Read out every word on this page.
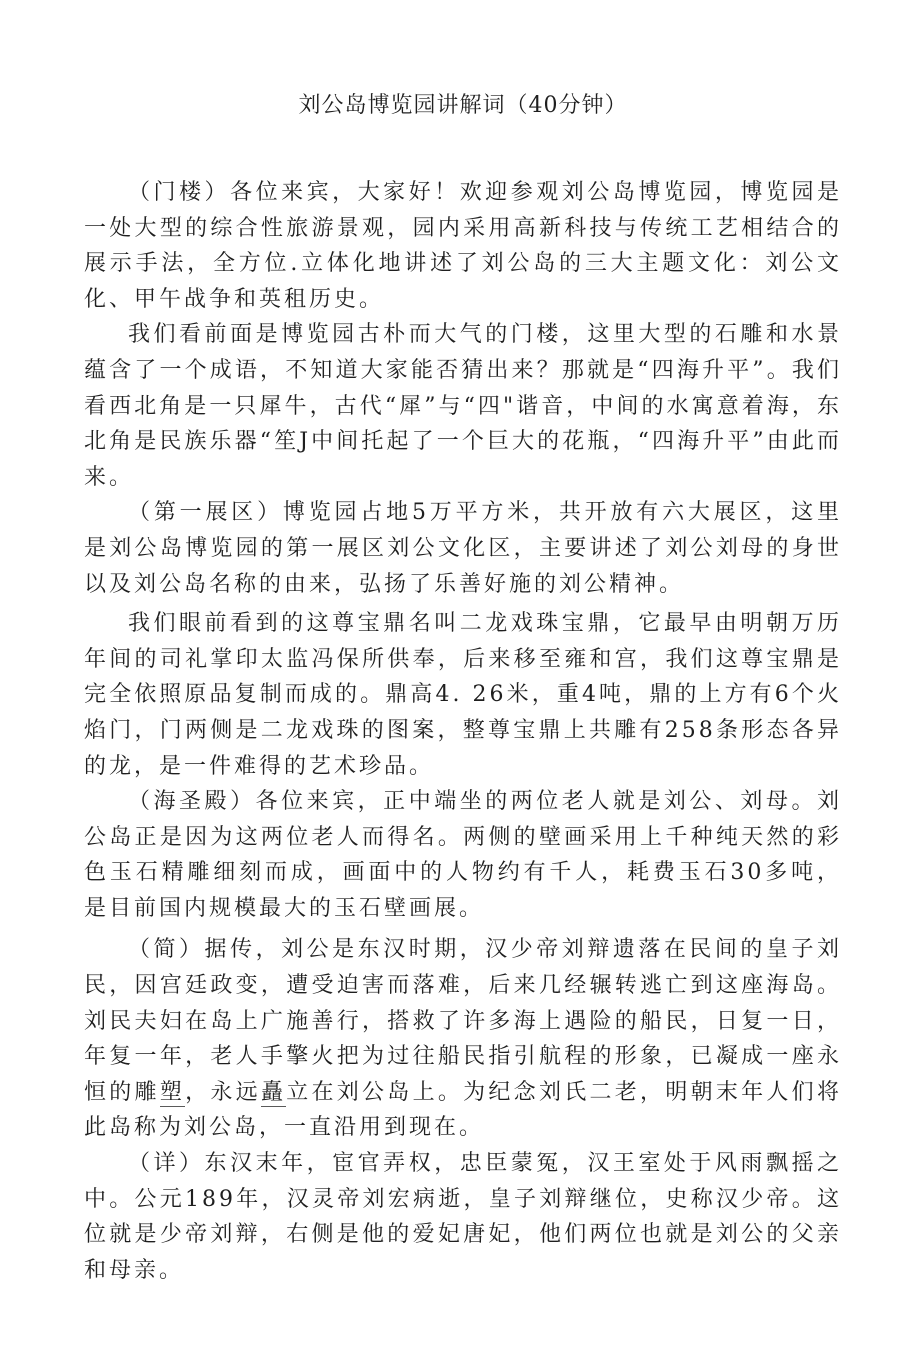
刘公岛博览园讲解词（40分钟）

（门楼）各位来宾，大家好！欢迎参观刘公岛博览园，博览园是一处大型的综合性旅游景观，园内采用高新科技与传统工艺相结合的展示手法，全方位.立体化地讲述了刘公岛的三大主题文化：刘公文化、甲午战争和英租历史。

我们看前面是博览园古朴而大气的门楼，这里大型的石雕和水景蕴含了一个成语，不知道大家能否猜出来？那就是“四海升平”。我们看西北角是一只犀牛，古代“犀”与“四"谐音，中间的水寓意着海，东北角是民族乐器“笙J中间托起了一个巨大的花瓶，“四海升平”由此而来。

（第一展区）博览园占地5万平方米，共开放有六大展区，这里是刘公岛博览园的第一展区刘公文化区，主要讲述了刘公刘母的身世以及刘公岛名称的由来，弘扬了乐善好施的刘公精神。

我们眼前看到的这尊宝鼎名叫二龙戏珠宝鼎，它最早由明朝万历年间的司礼掌印太监冯保所供奉，后来移至雍和宫，我们这尊宝鼎是完全依照原品复制而成的。鼎高4. 26米，重4吨，鼎的上方有6个火焰门，门两侧是二龙戏珠的图案，整尊宝鼎上共雕有258条形态各异的龙，是一件难得的艺术珍品。

（海圣殿）各位来宾，正中端坐的两位老人就是刘公、刘母。刘公岛正是因为这两位老人而得名。两侧的壁画采用上千种纯天然的彩色玉石精雕细刻而成，画面中的人物约有千人，耗费玉石30多吨，是目前国内规模最大的玉石壁画展。

（简）据传，刘公是东汉时期，汉少帝刘辩遗落在民间的皇子刘民，因宫廷政变，遭受迫害而落难，后来几经辗转逃亡到这座海岛。刘民夫妇在岛上广施善行，搭救了许多海上遇险的船民，日复一日，年复一年，老人手擎火把为过往船民指引航程的形象，已凝成一座永恒的雕塑，永远矗立在刘公岛上。为纪念刘氏二老，明朝末年人们将此岛称为刘公岛，一直沿用到现在。

（详）东汉末年，宦官弄权，忠臣蒙冤，汉王室处于风雨飘摇之中。公元189年，汉灵帝刘宏病逝，皇子刘辩继位，史称汉少帝。这位就是少帝刘辩，右侧是他的爱妃唐妃，他们两位也就是刘公的父亲 和母亲。
